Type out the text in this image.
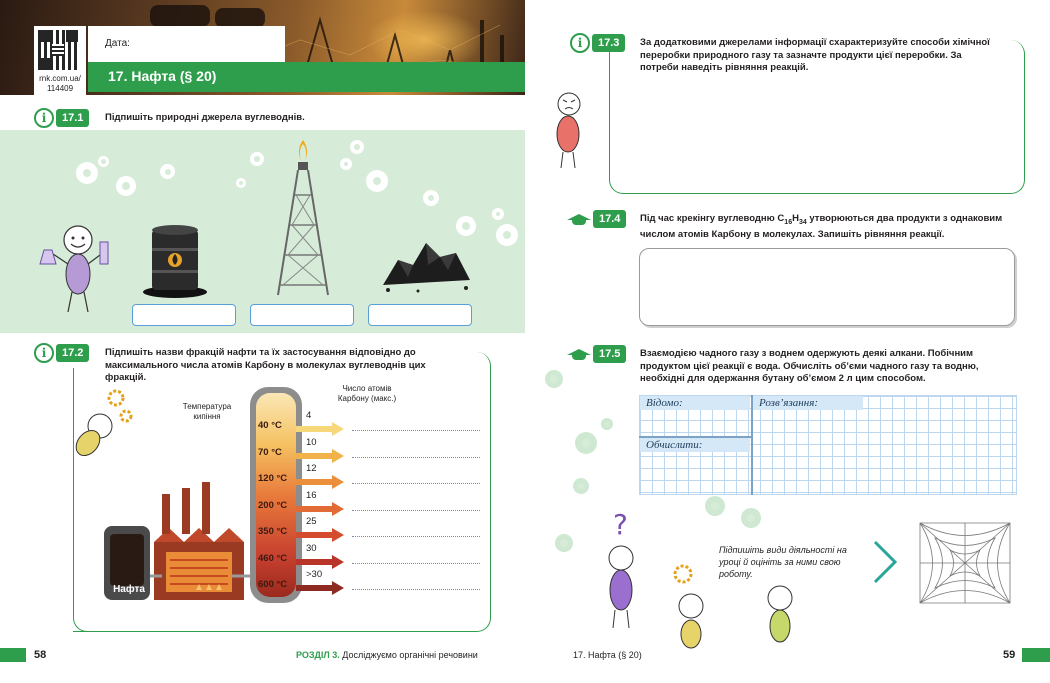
rnk.com.ua/
114409
Дата:
17. Нафта (§ 20)
i	17.1	Підпишіть природні джерела вуглеводнів.
i	17.2	Підпишіть назви фракцій нафти та їх застосування відповідно до максимального числа атомів Карбону в молекулах вуглеводнів цих фракцій.
Температура кипіння
Число атомів Карбону (макс.)
Нафта
40 °C
4
70 °C
10
120 °C
12
200 °C
16
350 °C
25
460 °C
30
600 °C
>30
58	РОЗДІЛ 3. Досліджуємо органічні речовини
i	17.3	За додатковими джерелами інформації схарактеризуйте способи хімічної переробки природного газу та зазначте продукти цієї переробки. За потреби наведіть рівняння реакцій.
17.4	Під час крекінгу вуглеводню $C_{16}H_{34}$ утворюються два продукти з однаковим числом атомів Карбону в молекулах. Запишіть рівняння реакції.
17.5	Взаємодією чадного газу з воднем одержують деякі алкани. Побічним продуктом цієї реакції є вода. Обчисліть об’єми чадного газу та водню, необхідні для одержання бутану об’ємом 2 л цим способом.
Відомо:	Розв’язання:
Обчислити:
?
Підпишіть види діяльності на уроці й оцініть за ними свою роботу.
17. Нафта (§ 20)	59
